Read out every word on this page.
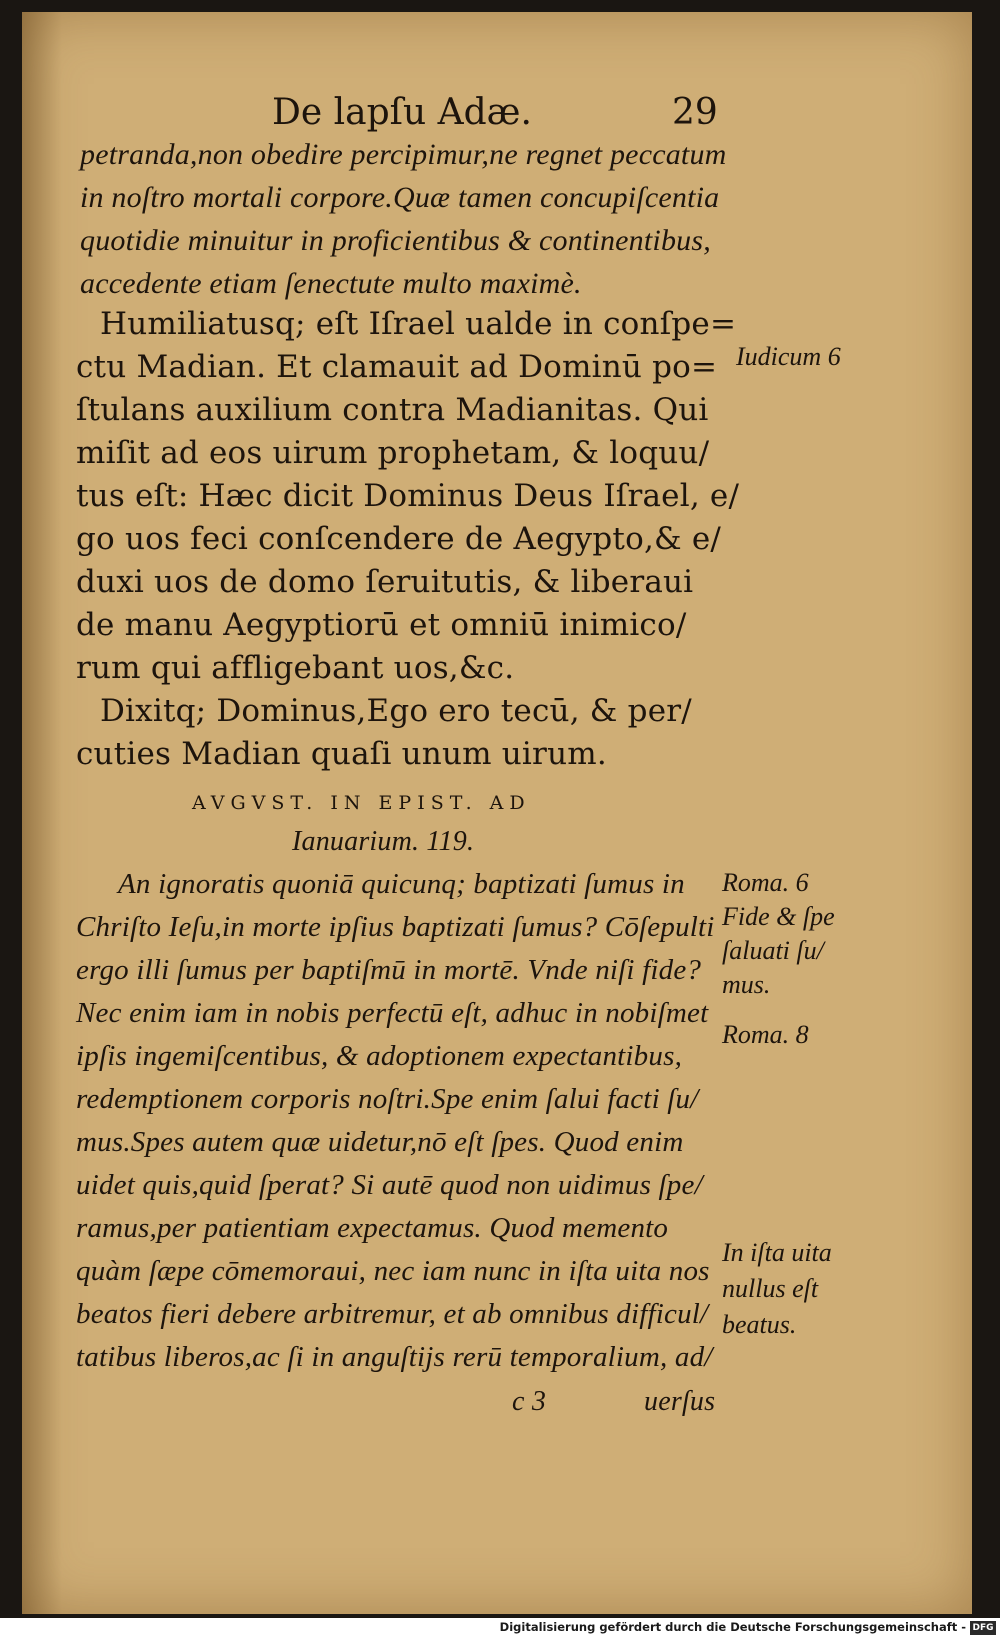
De lapſu Adæ.	29
petranda,non obedire percipimur,ne regnet peccatum
in noſtro mortali corpore.Quæ tamen concupiſcentia
quotidie minuitur in proficientibus & continentibus,
accedente etiam ſenectute multo maximè.
Humiliatusq; eſt Iſrael ualde in conſpe=
ctu Madian. Et clamauit ad Dominū po=
ſtulans auxilium contra Madianitas. Qui
miſit ad eos uirum prophetam, & loquu/
tus eſt: Hæc dicit Dominus Deus Iſrael, e/
go uos feci conſcendere de Aegypto,& e/
duxi uos de domo ſeruitutis, & liberaui
de manu Aegyptiorū et omniū inimico/
rum qui affligebant uos,&c.
Dixitq; Dominus,Ego ero tecū, & per/
cuties Madian quaſi unum uirum.
AVGVST. IN EPIST. AD
Ianuarium. 119.
An ignoratis quoniā quicunq; baptizati ſumus in
Chriſto Ieſu,in morte ipſius baptizati ſumus? Cōſepulti
ergo illi ſumus per baptiſmū in mortē. Vnde niſi fide?
Nec enim iam in nobis perfectū eſt, adhuc in nobiſmet
ipſis ingemiſcentibus, & adoptionem expectantibus,
redemptionem corporis noſtri.Spe enim ſalui facti ſu/
mus.Spes autem quæ uidetur,nō eſt ſpes. Quod enim
uidet quis,quid ſperat? Si autē quod non uidimus ſpe/
ramus,per patientiam expectamus. Quod memento
quàm ſæpe cōmemoraui, nec iam nunc in iſta uita nos
beatos fieri debere arbitremur, et ab omnibus difficul/
tatibus liberos,ac ſi in anguſtijs rerū temporalium, ad/
c 3	uerſus
Iudicum 6
Roma. 6
Fide & ſpe
ſaluati ſu/
mus.
Roma. 8
In iſta uita
nullus eſt
beatus.
Digitalisierung gefördert durch die Deutsche Forschungsgemeinschaft - DFG
